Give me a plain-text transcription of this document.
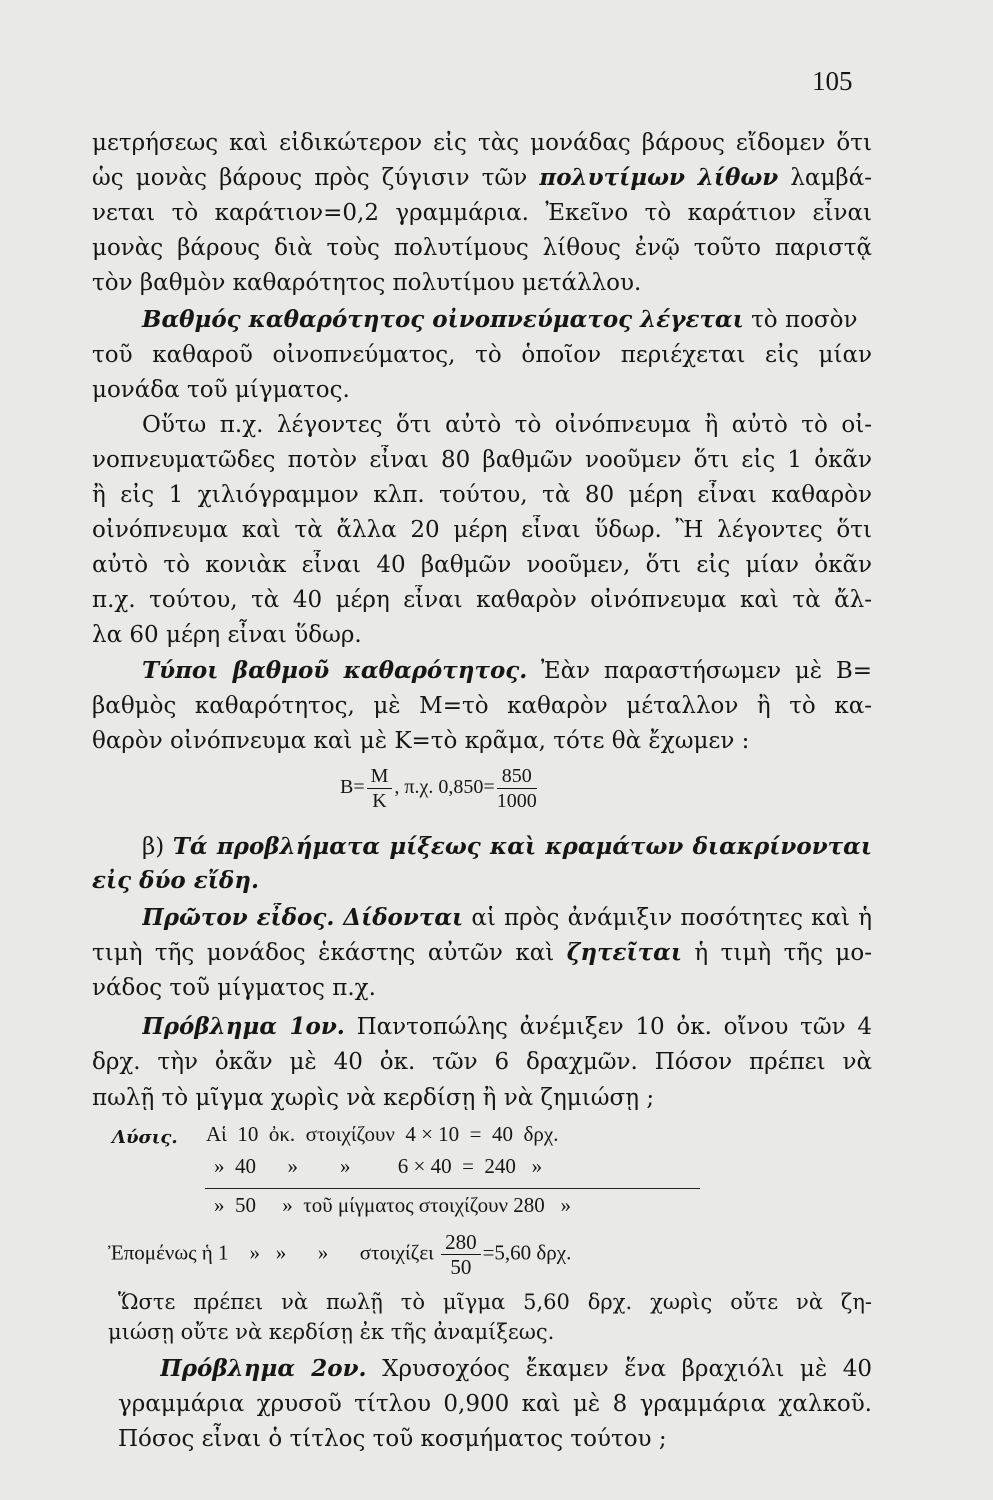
105
μετρήσεως καὶ εἰδικώτερον εἰς τὰς μονάδας βάρους εἴδομεν ὅτι
ὡς μονὰς βάρους πρὸς ζύγισιν τῶν πολυτίμων λίθων λαμβά-
νεται τὸ καράτιον=0,2 γραμμάρια. Ἐκεῖνο τὸ καράτιον εἶναι
μονὰς βάρους διὰ τοὺς πολυτίμους λίθους ἐνῷ τοῦτο παριστᾷ
τὸν βαθμὸν καθαρότητος πολυτίμου μετάλλου.
Βαθμός καθαρότητος οἰνοπνεύματος λέγεται τὸ ποσὸν
τοῦ καθαροῦ οἰνοπνεύματος, τὸ ὁποῖον περιέχεται εἰς μίαν
μονάδα τοῦ μίγματος.
Οὕτω π.χ. λέγοντες ὅτι αὐτὸ τὸ οἰνόπνευμα ἢ αὐτὸ τὸ οἰ-
νοπνευματῶδες ποτὸν εἶναι 80 βαθμῶν νοοῦμεν ὅτι εἰς 1 ὀκᾶν
ἢ εἰς 1 χιλιόγραμμον κλπ. τούτου, τὰ 80 μέρη εἶναι καθαρὸν
οἰνόπνευμα καὶ τὰ ἄλλα 20 μέρη εἶναι ὕδωρ. Ἢ λέγοντες ὅτι
αὐτὸ τὸ κονιὰκ εἶναι 40 βαθμῶν νοοῦμεν, ὅτι εἰς μίαν ὀκᾶν
π.χ. τούτου, τὰ 40 μέρη εἶναι καθαρὸν οἰνόπνευμα καὶ τὰ ἄλ-
λα 60 μέρη εἶναι ὕδωρ.
Τύποι βαθμοῦ καθαρότητος. Ἐὰν παραστήσωμεν μὲ Β=
βαθμὸς καθαρότητος, μὲ Μ=τὸ καθαρὸν μέταλλον ἢ τὸ κα-
θαρὸν οἰνόπνευμα καὶ μὲ Κ=τὸ κρᾶμα, τότε θὰ ἔχωμεν :
$B= \frac{M}{K}$ , π.χ. $0,850= \frac{850}{1000}$
β) Τά προβλήματα μίξεως καὶ κραμάτων διακρίνονται
εἰς δύο εἴδη.
Πρῶτον εἶδος. Δίδονται αἱ πρὸς ἀνάμιξιν ποσότητες καὶ ἡ
τιμὴ τῆς μονάδος ἑκάστης αὐτῶν καὶ ζητεῖται ἡ τιμὴ τῆς μο-
νάδος τοῦ μίγματος π.χ.
Πρόβλημα 1ον. Παντοπώλης ἀνέμιξεν 10 ὀκ. οἴνου τῶν 4
δρχ. τὴν ὀκᾶν μὲ 40 ὀκ. τῶν 6 δραχμῶν. Πόσον πρέπει νὰ
πωλῇ τὸ μῖγμα χωρὶς νὰ κερδίσῃ ἢ νὰ ζημιώσῃ ;
Λύσις. Αἱ  10  ὀκ.  στοιχίζουν  4 × 10  =  40  δρχ.
»  40      »        »         6 × 40  =  240   »
»  50     »  τοῦ μίγματος στοιχίζουν 280   »
Ἐπομένως ἡ 1    »   »      »      στοιχίζει $\frac{280}{50} =5,60$ δρχ.
Ὥστε πρέπει νὰ πωλῇ τὸ μῖγμα 5,60 δρχ. χωρὶς οὔτε νὰ ζη-
μιώσῃ οὔτε νὰ κερδίσῃ ἐκ τῆς ἀναμίξεως.
Πρόβλημα 2ον. Χρυσοχόος ἔκαμεν ἕνα βραχιόλι μὲ 40
γραμμάρια χρυσοῦ τίτλου 0,900 καὶ μὲ 8 γραμμάρια χαλκοῦ.
Πόσος εἶναι ὁ τίτλος τοῦ κοσμήματος τούτου ;
